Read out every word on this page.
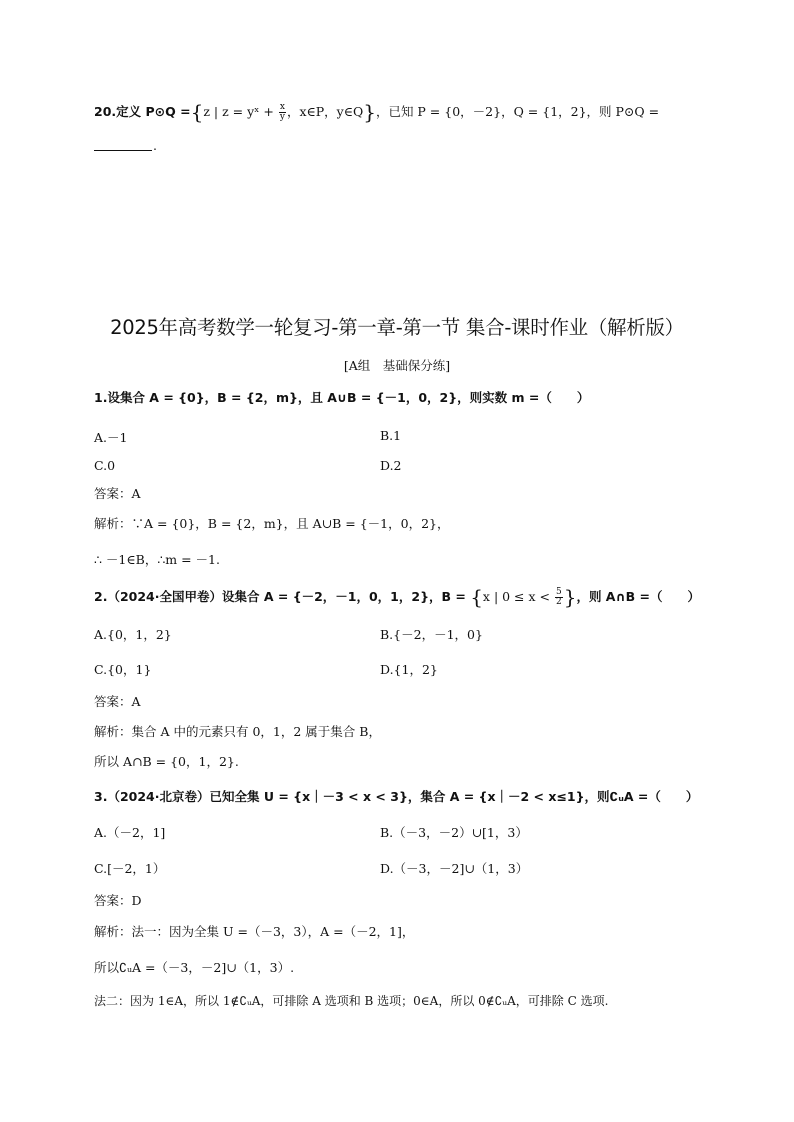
20.定义 P⊙Q ={z | z = yˣ + $\frac{x}{y}$ ，x∈P，y∈Q}，已知 P = {0，－2}，Q = {1，2}，则 P⊙Q =
.
2025年高考数学一轮复习-第一章-第一节 集合-课时作业（解析版）
[A组　基础保分练]
1.设集合 A = {0}，B = {2，m}，且 A∪B = {－1，0，2}，则实数 m =（　　）
A.－1	B.1
C.0	D.2
答案：A
解析：∵A = {0}，B = {2，m}，且 A∪B = {－1，0，2}，
∴ －1∈B，∴m = －1.
2.（2024·全国甲卷）设集合 A = {－2，－1，0，1，2}，B = {x | $0 \le x < \frac{5}{2}$ }，则 A∩B =（　　）
A.{0，1，2}	B.{－2，－1，0}
C.{0，1}	D.{1，2}
答案：A
解析：集合 A 中的元素只有 0，1，2 属于集合 B，
所以 A∩B = {0，1，2}.
3.（2024·北京卷）已知全集 U = {x｜－3 < x < 3}，集合 A = {x｜－2 < x≤1}，则∁ᵤA =（　　）
A.（－2，1]	B.（－3，－2）∪[1，3）
C.[－2，1）	D.（－3，－2]∪（1，3）
答案：D
解析：法一：因为全集 U =（－3，3），A =（－2，1]，
所以∁ᵤA =（－3，－2]∪（1，3）.
法二：因为 1∈A，所以 1∉∁ᵤA，可排除 A 选项和 B 选项；0∈A，所以 0∉∁ᵤA，可排除 C 选项.
